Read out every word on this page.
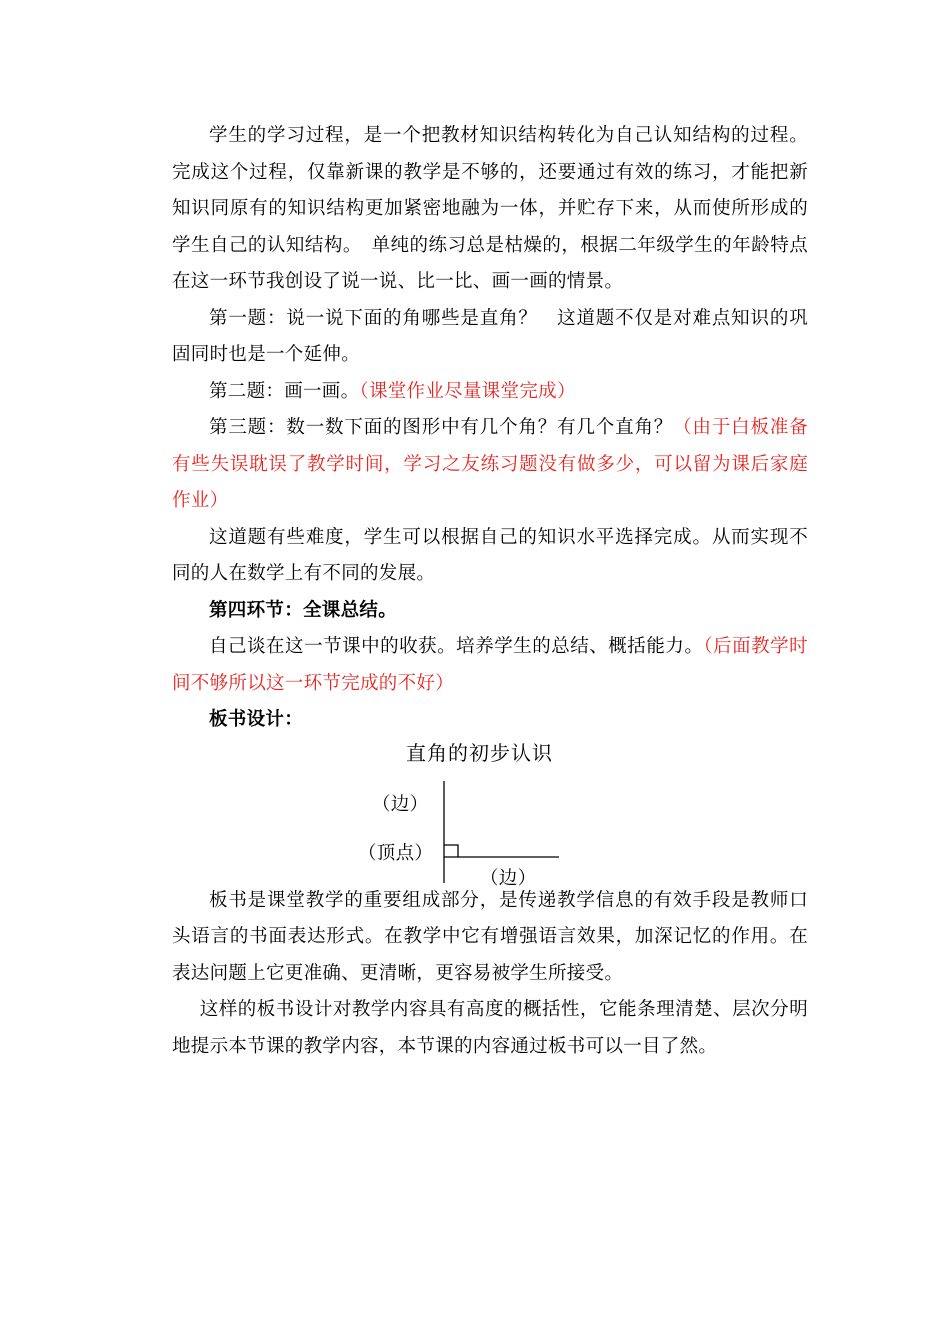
学生的学习过程，是一个把教材知识结构转化为自己认知结构的过程。完成这个过程，仅靠新课的教学是不够的，还要通过有效的练习，才能把新知识同原有的知识结构更加紧密地融为一体，并贮存下来，从而使所形成的学生自己的认知结构。　单纯的练习总是枯燥的，根据二年级学生的年龄特点在这一环节我创设了说一说、比一比、画一画的情景。

第一题：说一说下面的角哪些是直角？　这道题不仅是对难点知识的巩固同时也是一个延伸。

第二题：画一画。（课堂作业尽量课堂完成）

第三题：数一数下面的图形中有几个角？有几个直角？（由于白板准备有些失误耽误了教学时间，学习之友练习题没有做多少，可以留为课后家庭作业）

这道题有些难度，学生可以根据自己的知识水平选择完成。从而实现不同的人在数学上有不同的发展。

第四环节：全课总结。

自己谈在这一节课中的收获。培养学生的总结、概括能力。（后面教学时间不够所以这一环节完成的不好）

板书设计：

直角的初步认识
（边）
（顶点）
（边）

板书是课堂教学的重要组成部分，是传递教学信息的有效手段是教师口头语言的书面表达形式。在教学中它有增强语言效果，加深记忆的作用。在表达问题上它更准确、更清晰，更容易被学生所接受。

这样的板书设计对教学内容具有高度的概括性，它能条理清楚、层次分明地提示本节课的教学内容，本节课的内容通过板书可以一目了然。
